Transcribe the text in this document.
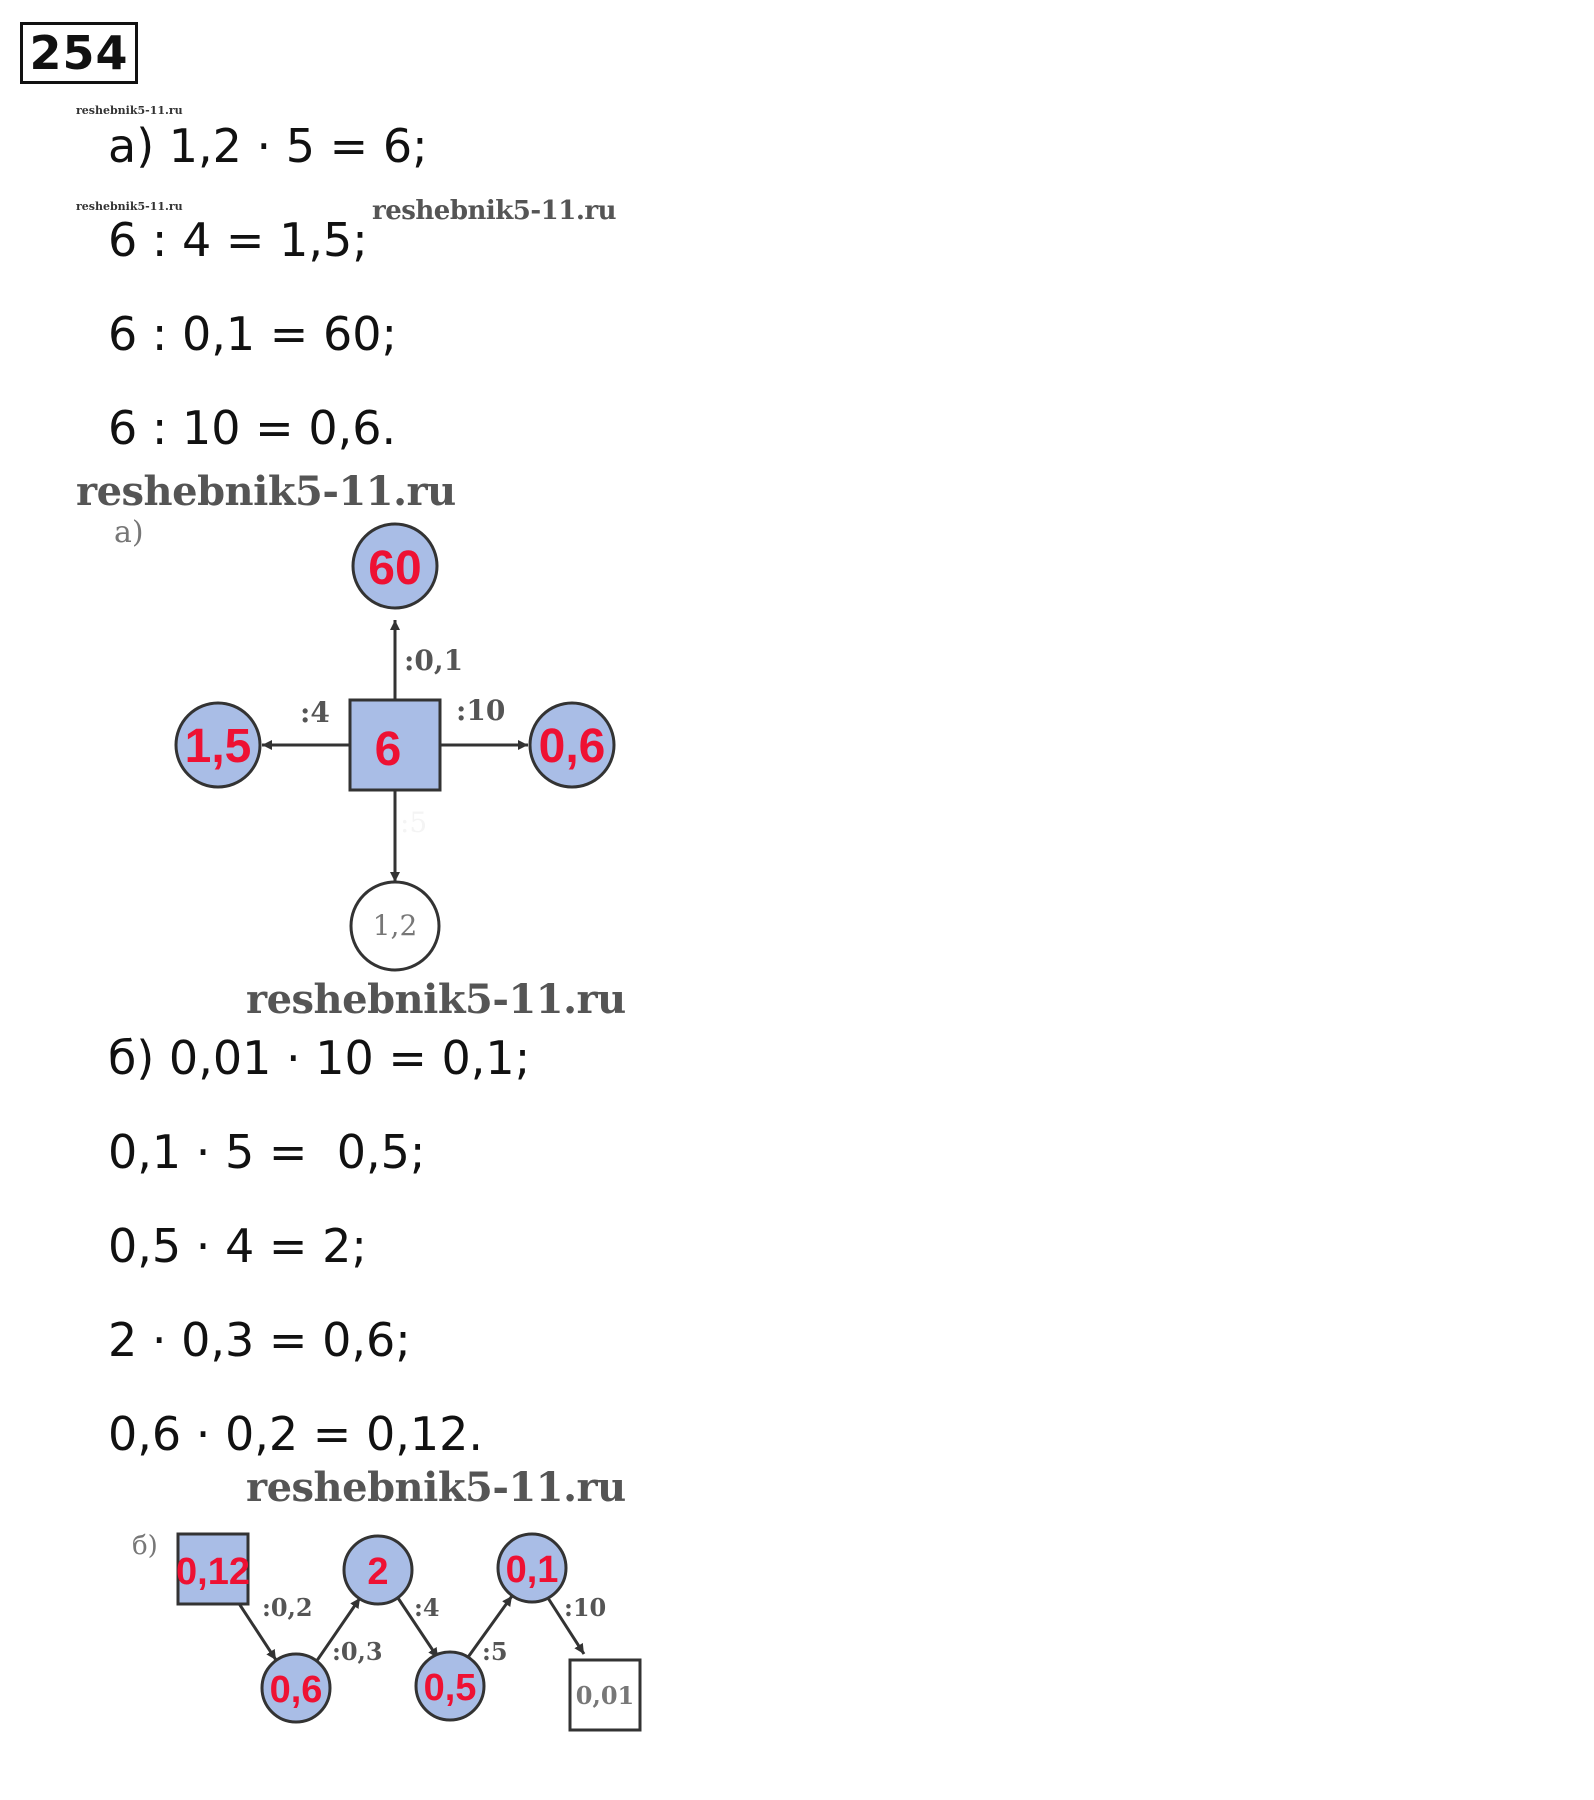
254
reshebnik5-11.ru
reshebnik5-11.ru	reshebnik5-11.ru
а) 1,2 · 5 = 6;
6 : 4 = 1,5;
6 : 0,1 = 60;
6 : 10 = 0,6.
reshebnik5-11.ru
а)
:0,1
:4	:10
:5
60
1,5	0,6
6
1,2
reshebnik5-11.ru
б) 0,01 · 10 = 0,1;
0,1 · 5 =  0,5;
0,5 · 4 = 2;
2 · 0,3 = 0,6;
0,6 · 0,2 = 0,12.
reshebnik5-11.ru
б)
:0,2
:0,3
:4
:5
:10
0,12
0,6
2
0,5
0,1
0,01
